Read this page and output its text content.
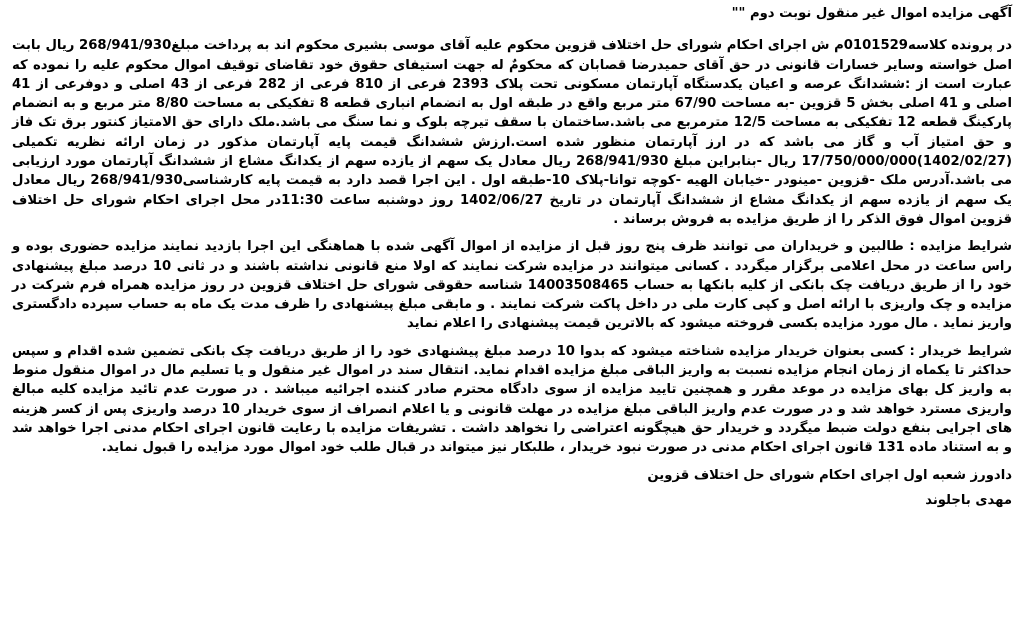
آگهی مزایده اموال غیر منقول نوبت دوم ""
در پرونده کلاسه0101529م ش اجرای احکام شورای حل اختلاف قزوین محکوم علیه آقای موسی بشیری محکوم اند به پرداخت مبلغ268/941/930 ریال بابت اصل خواسته وسایر خسارات قانونی در حق آقای حمیدرضا قصابان که محکومٌ له جهت استیفای حقوق خود تقاضای توقیف اموال محکوم علیه را نموده که عبارت است از :ششدانگ عرصه و اعیان یکدستگاه آپارتمان مسکونی تحت پلاک 2393 فرعی از 810 فرعی از 282 فرعی از 43 اصلی و دوفرعی از 41 اصلی و 41 اصلی بخش 5 قزوین -به مساحت 67/90 متر مربع واقع در طبقه اول به انضمام انباری قطعه 8 تفکیکی به مساحت 8/80 متر مربع و به انضمام پارکینگ قطعه 12 تفکیکی به مساحت 12/5 مترمربع می باشد.ساختمان با سقف تیرچه بلوک و نما سنگ می باشد.ملک دارای حق الامتیاز کنتور برق تک فاز و حق امتیاز آب و گاز می باشد که در ارز آپارتمان منظور شده است.ارزش ششدانگ قیمت پایه آپارتمان مذکور در زمان ارائه نظریه تکمیلی (1402/02/27)17/750/000/000 ریال -بنابراین مبلغ 268/941/930 ریال معادل یک سهم از یازده سهم از یکدانگ مشاع از ششدانگ آپارتمان مورد ارزیابی می باشد.آدرس ملک -قزوین -مینودر -خیابان الهیه -کوچه توانا-پلاک 10-طبقه اول . این اجرا قصد دارد به قیمت پایه کارشناسی268/941/930 ریال معادل یک سهم از یازده سهم از یکدانگ مشاع از ششدانگ آپارتمان در تاریخ 1402/06/27 روز دوشنبه ساعت 11:30در محل اجرای احکام شورای حل اختلاف قزوین اموال فوق الذکر را از طریق مزایده به فروش برساند .
شرایط مزایده : طالبین و خریداران می توانند ظرف پنج روز قبل از مزایده از اموال آگهی شده با هماهنگی این اجرا بازدید نمایند مزایده حضوری بوده و راس ساعت در محل اعلامی برگزار میگردد . کسانی میتوانند در مزایده شرکت نمایند که اولا منع قانونی نداشته باشند و در ثانی 10 درصد مبلغ پیشنهادی خود را از طریق دریافت چک بانکی از کلیه بانکها به حساب 14003508465 شناسه حقوقی شورای حل اختلاف قزوین در روز مزایده همراه فرم شرکت در مزایده و چک واریزی با ارائه اصل و کپی کارت ملی در داخل پاکت شرکت نمایند . و مابقی مبلغ پیشنهادی را ظرف مدت یک ماه به حساب سپرده دادگستری واریز نماید . مال مورد مزایده بکسی فروخته میشود که بالاترین قیمت پیشنهادی را اعلام نماید
شرایط خریدار : کسی بعنوان خریدار مزایده شناخته میشود که بدوا 10 درصد مبلغ پیشنهادی خود را از طریق دریافت چک بانکی تضمین شده اقدام و سپس حداکثر تا یکماه از زمان انجام مزایده نسبت به واریز الباقی مبلغ مزایده اقدام نماید. انتقال سند در اموال غیر منقول و یا تسلیم مال در اموال منقول منوط به واریز کل بهای مزایده در موعد مقرر و همچنین تایید مزایده از سوی دادگاه محترم صادر کننده اجرائیه میباشد . در صورت عدم تائید مزایده کلیه مبالغ واریزی مسترد خواهد شد و در صورت عدم واریز الباقی مبلغ مزایده در مهلت قانونی و یا اعلام انصراف از سوی خریدار 10 درصد واریزی پس از کسر هزینه های اجرایی بنفع دولت ضبط میگردد و خریدار حق هیچگونه اعتراضی را نخواهد داشت . تشریفات مزایده با رعایت قانون اجرای احکام مدنی اجرا خواهد شد و به استناد ماده 131 قانون اجرای احکام مدنی در صورت نبود خریدار ، طلبکار نیز میتواند در قبال طلب خود اموال مورد مزایده را قبول نماید.
دادورز شعبه اول اجرای احکام شورای حل اختلاف قزوین
مهدی باجلوند
